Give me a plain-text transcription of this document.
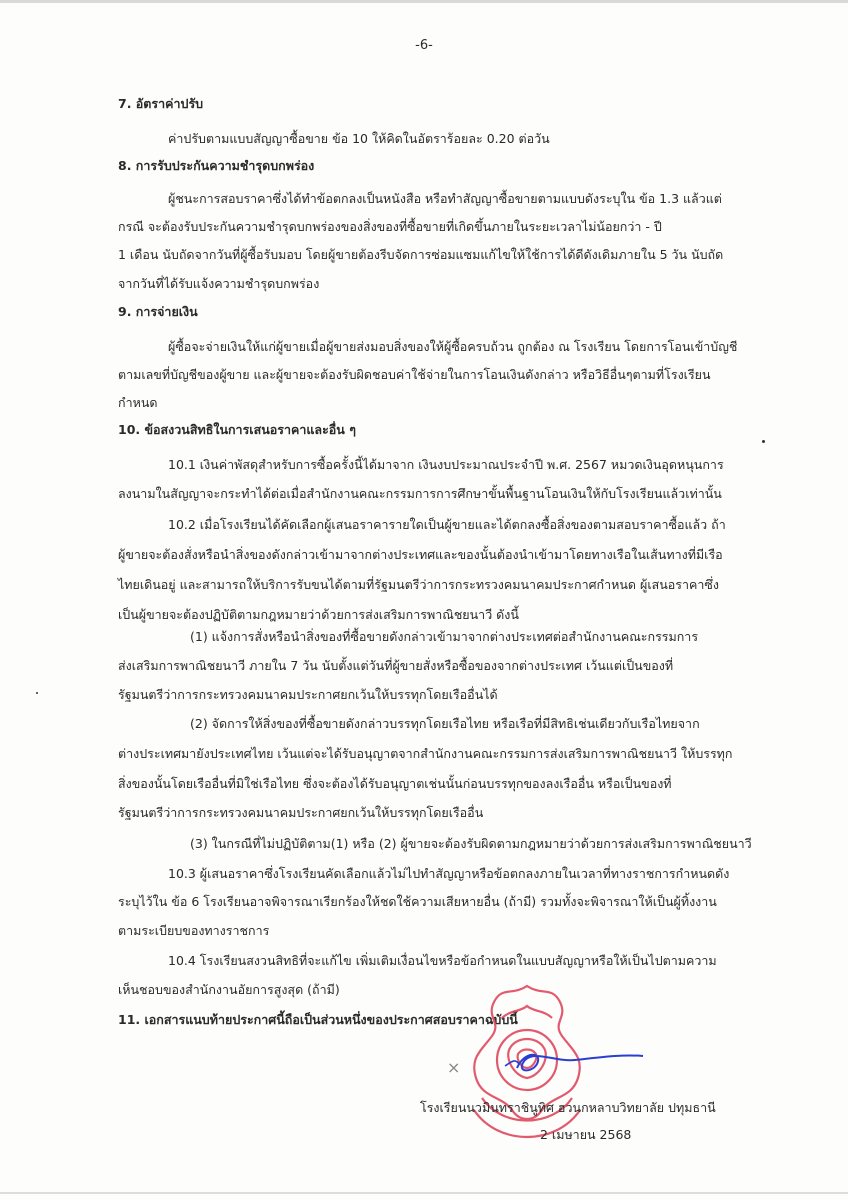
-6-

7. อัตราค่าปรับ

ค่าปรับตามแบบสัญญาซื้อขาย ข้อ 10 ให้คิดในอัตราร้อยละ 0.20 ต่อวัน

8. การรับประกันความชำรุดบกพร่อง

ผู้ชนะการสอบราคาซึ่งได้ทำข้อตกลงเป็นหนังสือ หรือทำสัญญาซื้อขายตามแบบดังระบุใน ข้อ 1.3 แล้วแต่

กรณี จะต้องรับประกันความชำรุดบกพร่องของสิ่งของที่ซื้อขายที่เกิดขึ้นภายในระยะเวลาไม่น้อยกว่า - ปี

1 เดือน นับถัดจากวันที่ผู้ซื้อรับมอบ โดยผู้ขายต้องรีบจัดการซ่อมแซมแก้ไขให้ใช้การได้ดีดังเดิมภายใน 5 วัน นับถัด

จากวันที่ได้รับแจ้งความชำรุดบกพร่อง

9. การจ่ายเงิน

ผู้ซื้อจะจ่ายเงินให้แก่ผู้ขายเมื่อผู้ขายส่งมอบสิ่งของให้ผู้ซื้อครบถ้วน ถูกต้อง ณ โรงเรียน โดยการโอนเข้าบัญชี

ตามเลขที่บัญชีของผู้ขาย และผู้ขายจะต้องรับผิดชอบค่าใช้จ่ายในการโอนเงินดังกล่าว หรือวิธีอื่นๆตามที่โรงเรียน

กำหนด

10. ข้อสงวนสิทธิในการเสนอราคาและอื่น ๆ

10.1 เงินค่าพัสดุสำหรับการซื้อครั้งนี้ได้มาจาก เงินงบประมาณประจำปี พ.ศ. 2567 หมวดเงินอุดหนุนการ

ลงนามในสัญญาจะกระทำได้ต่อเมื่อสำนักงานคณะกรรมการการศึกษาขั้นพื้นฐานโอนเงินให้กับโรงเรียนแล้วเท่านั้น

10.2 เมื่อโรงเรียนได้คัดเลือกผู้เสนอราคารายใดเป็นผู้ขายและได้ตกลงซื้อสิ่งของตามสอบราคาซื้อแล้ว ถ้า

ผู้ขายจะต้องสั่งหรือนำสิ่งของดังกล่าวเข้ามาจากต่างประเทศและของนั้นต้องนำเข้ามาโดยทางเรือในเส้นทางที่มีเรือ

ไทยเดินอยู่ และสามารถให้บริการรับขนได้ตามที่รัฐมนตรีว่าการกระทรวงคมนาคมประกาศกำหนด ผู้เสนอราคาซึ่ง

เป็นผู้ขายจะต้องปฏิบัติตามกฎหมายว่าด้วยการส่งเสริมการพาณิชยนาวี ดังนี้

(1) แจ้งการสั่งหรือนำสิ่งของที่ซื้อขายดังกล่าวเข้ามาจากต่างประเทศต่อสำนักงานคณะกรรมการ

ส่งเสริมการพาณิชยนาวี ภายใน 7 วัน นับตั้งแต่วันที่ผู้ขายสั่งหรือซื้อของจากต่างประเทศ เว้นแต่เป็นของที่

รัฐมนตรีว่าการกระทรวงคมนาคมประกาศยกเว้นให้บรรทุกโดยเรืออื่นได้

(2) จัดการให้สิ่งของที่ซื้อขายดังกล่าวบรรทุกโดยเรือไทย หรือเรือที่มีสิทธิเช่นเดียวกับเรือไทยจาก

ต่างประเทศมายังประเทศไทย เว้นแต่จะได้รับอนุญาตจากสำนักงานคณะกรรมการส่งเสริมการพาณิชยนาวี ให้บรรทุก

สิ่งของนั้นโดยเรืออื่นที่มิใช่เรือไทย ซึ่งจะต้องได้รับอนุญาตเช่นนั้นก่อนบรรทุกของลงเรืออื่น หรือเป็นของที่

รัฐมนตรีว่าการกระทรวงคมนาคมประกาศยกเว้นให้บรรทุกโดยเรืออื่น

(3) ในกรณีที่ไม่ปฏิบัติตาม(1) หรือ (2) ผู้ขายจะต้องรับผิดตามกฎหมายว่าด้วยการส่งเสริมการพาณิชยนาวี

10.3 ผู้เสนอราคาซึ่งโรงเรียนคัดเลือกแล้วไม่ไปทำสัญญาหรือข้อตกลงภายในเวลาที่ทางราชการกำหนดดัง

ระบุไว้ใน ข้อ 6 โรงเรียนอาจพิจารณาเรียกร้องให้ชดใช้ความเสียหายอื่น (ถ้ามี) รวมทั้งจะพิจารณาให้เป็นผู้ทิ้งงาน

ตามระเบียบของทางราชการ

10.4 โรงเรียนสงวนสิทธิที่จะแก้ไข เพิ่มเติมเงื่อนไขหรือข้อกำหนดในแบบสัญญาหรือให้เป็นไปตามความ

เห็นชอบของสำนักงานอัยการสูงสุด (ถ้ามี)

11. เอกสารแนบท้ายประกาศนี้ถือเป็นส่วนหนึ่งของประกาศสอบราคาฉบับนี้

×
โรงเรียนนวมินทราชินูทิศ ฮวนกหลาบวิทยาลัย ปทุมธานี
2 เมษายน 2568
